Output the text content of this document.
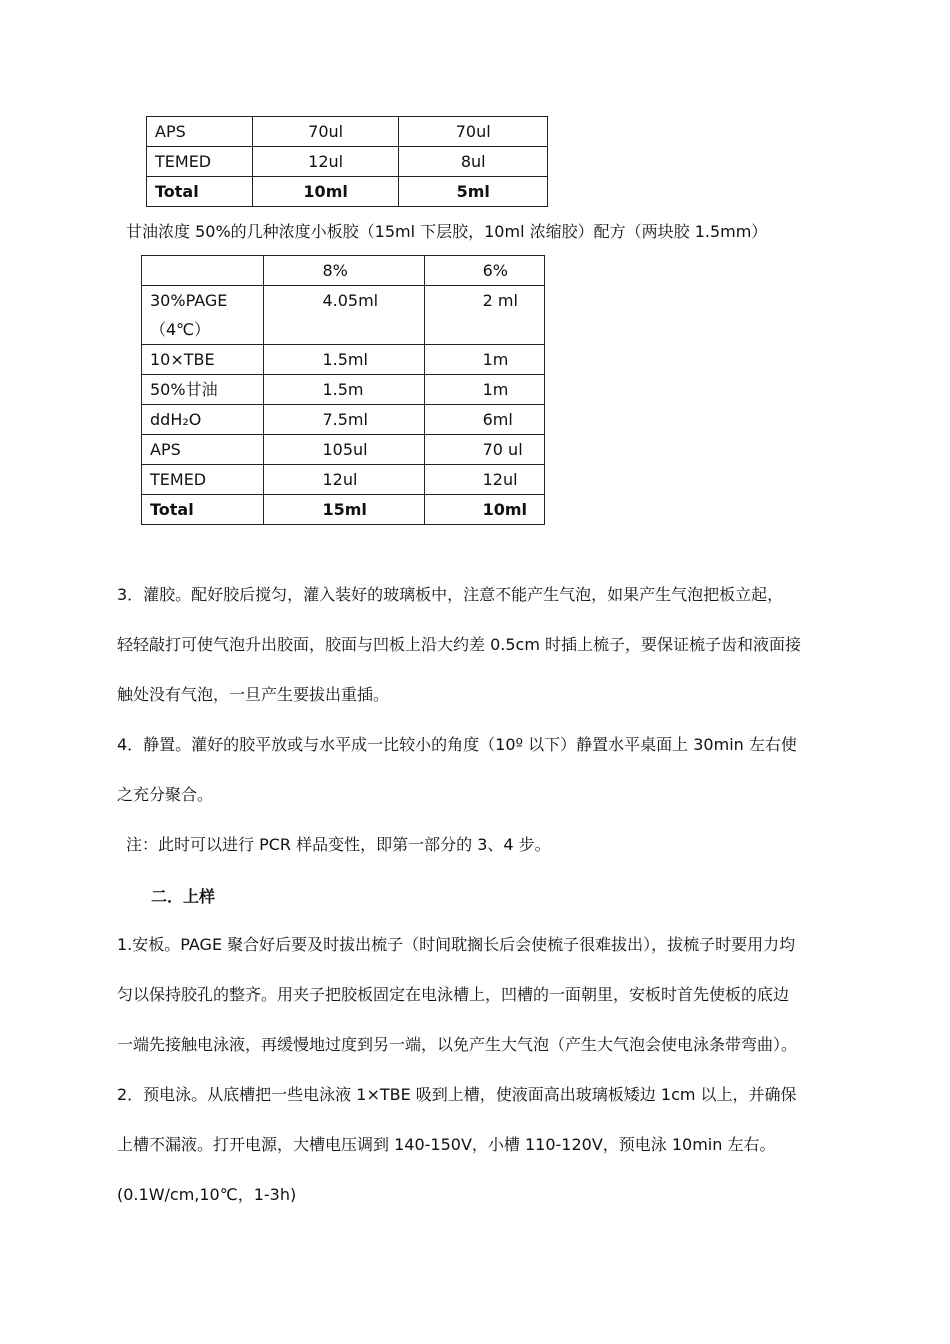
APS	70ul	70ul
TEMED	12ul	8ul
Total	10ml	5ml
甘油浓度 50%的几种浓度小板胶（15ml 下层胶，10ml 浓缩胶）配方（两块胶 1.5mm）
	8%	6%
30%PAGE（4℃）	4.05ml	2 ml
10×TBE	1.5ml	1m
50%甘油	1.5m	1m
ddH₂O	7.5ml	6ml
APS	105ul	70 ul
TEMED	12ul	12ul
Total	15ml	10ml
3．灌胶。配好胶后搅匀，灌入装好的玻璃板中，注意不能产生气泡，如果产生气泡把板立起，
轻轻敲打可使气泡升出胶面，胶面与凹板上沿大约差 0.5cm 时插上梳子，要保证梳子齿和液面接
触处没有气泡，一旦产生要拔出重插。
4．静置。灌好的胶平放或与水平成一比较小的角度（10º 以下）静置水平桌面上 30min 左右使
之充分聚合。
注：此时可以进行 PCR 样品变性，即第一部分的 3、4 步。
二．上样
1.安板。PAGE 聚合好后要及时拔出梳子（时间耽搁长后会使梳子很难拔出），拔梳子时要用力均
匀以保持胶孔的整齐。用夹子把胶板固定在电泳槽上，凹槽的一面朝里，安板时首先使板的底边
一端先接触电泳液，再缓慢地过度到另一端，以免产生大气泡（产生大气泡会使电泳条带弯曲）。
2．预电泳。从底槽把一些电泳液 1×TBE 吸到上槽，使液面高出玻璃板矮边 1cm 以上，并确保
上槽不漏液。打开电源，大槽电压调到 140-150V，小槽 110-120V，预电泳 10min 左右。
(0.1W/cm,10℃，1-3h)
